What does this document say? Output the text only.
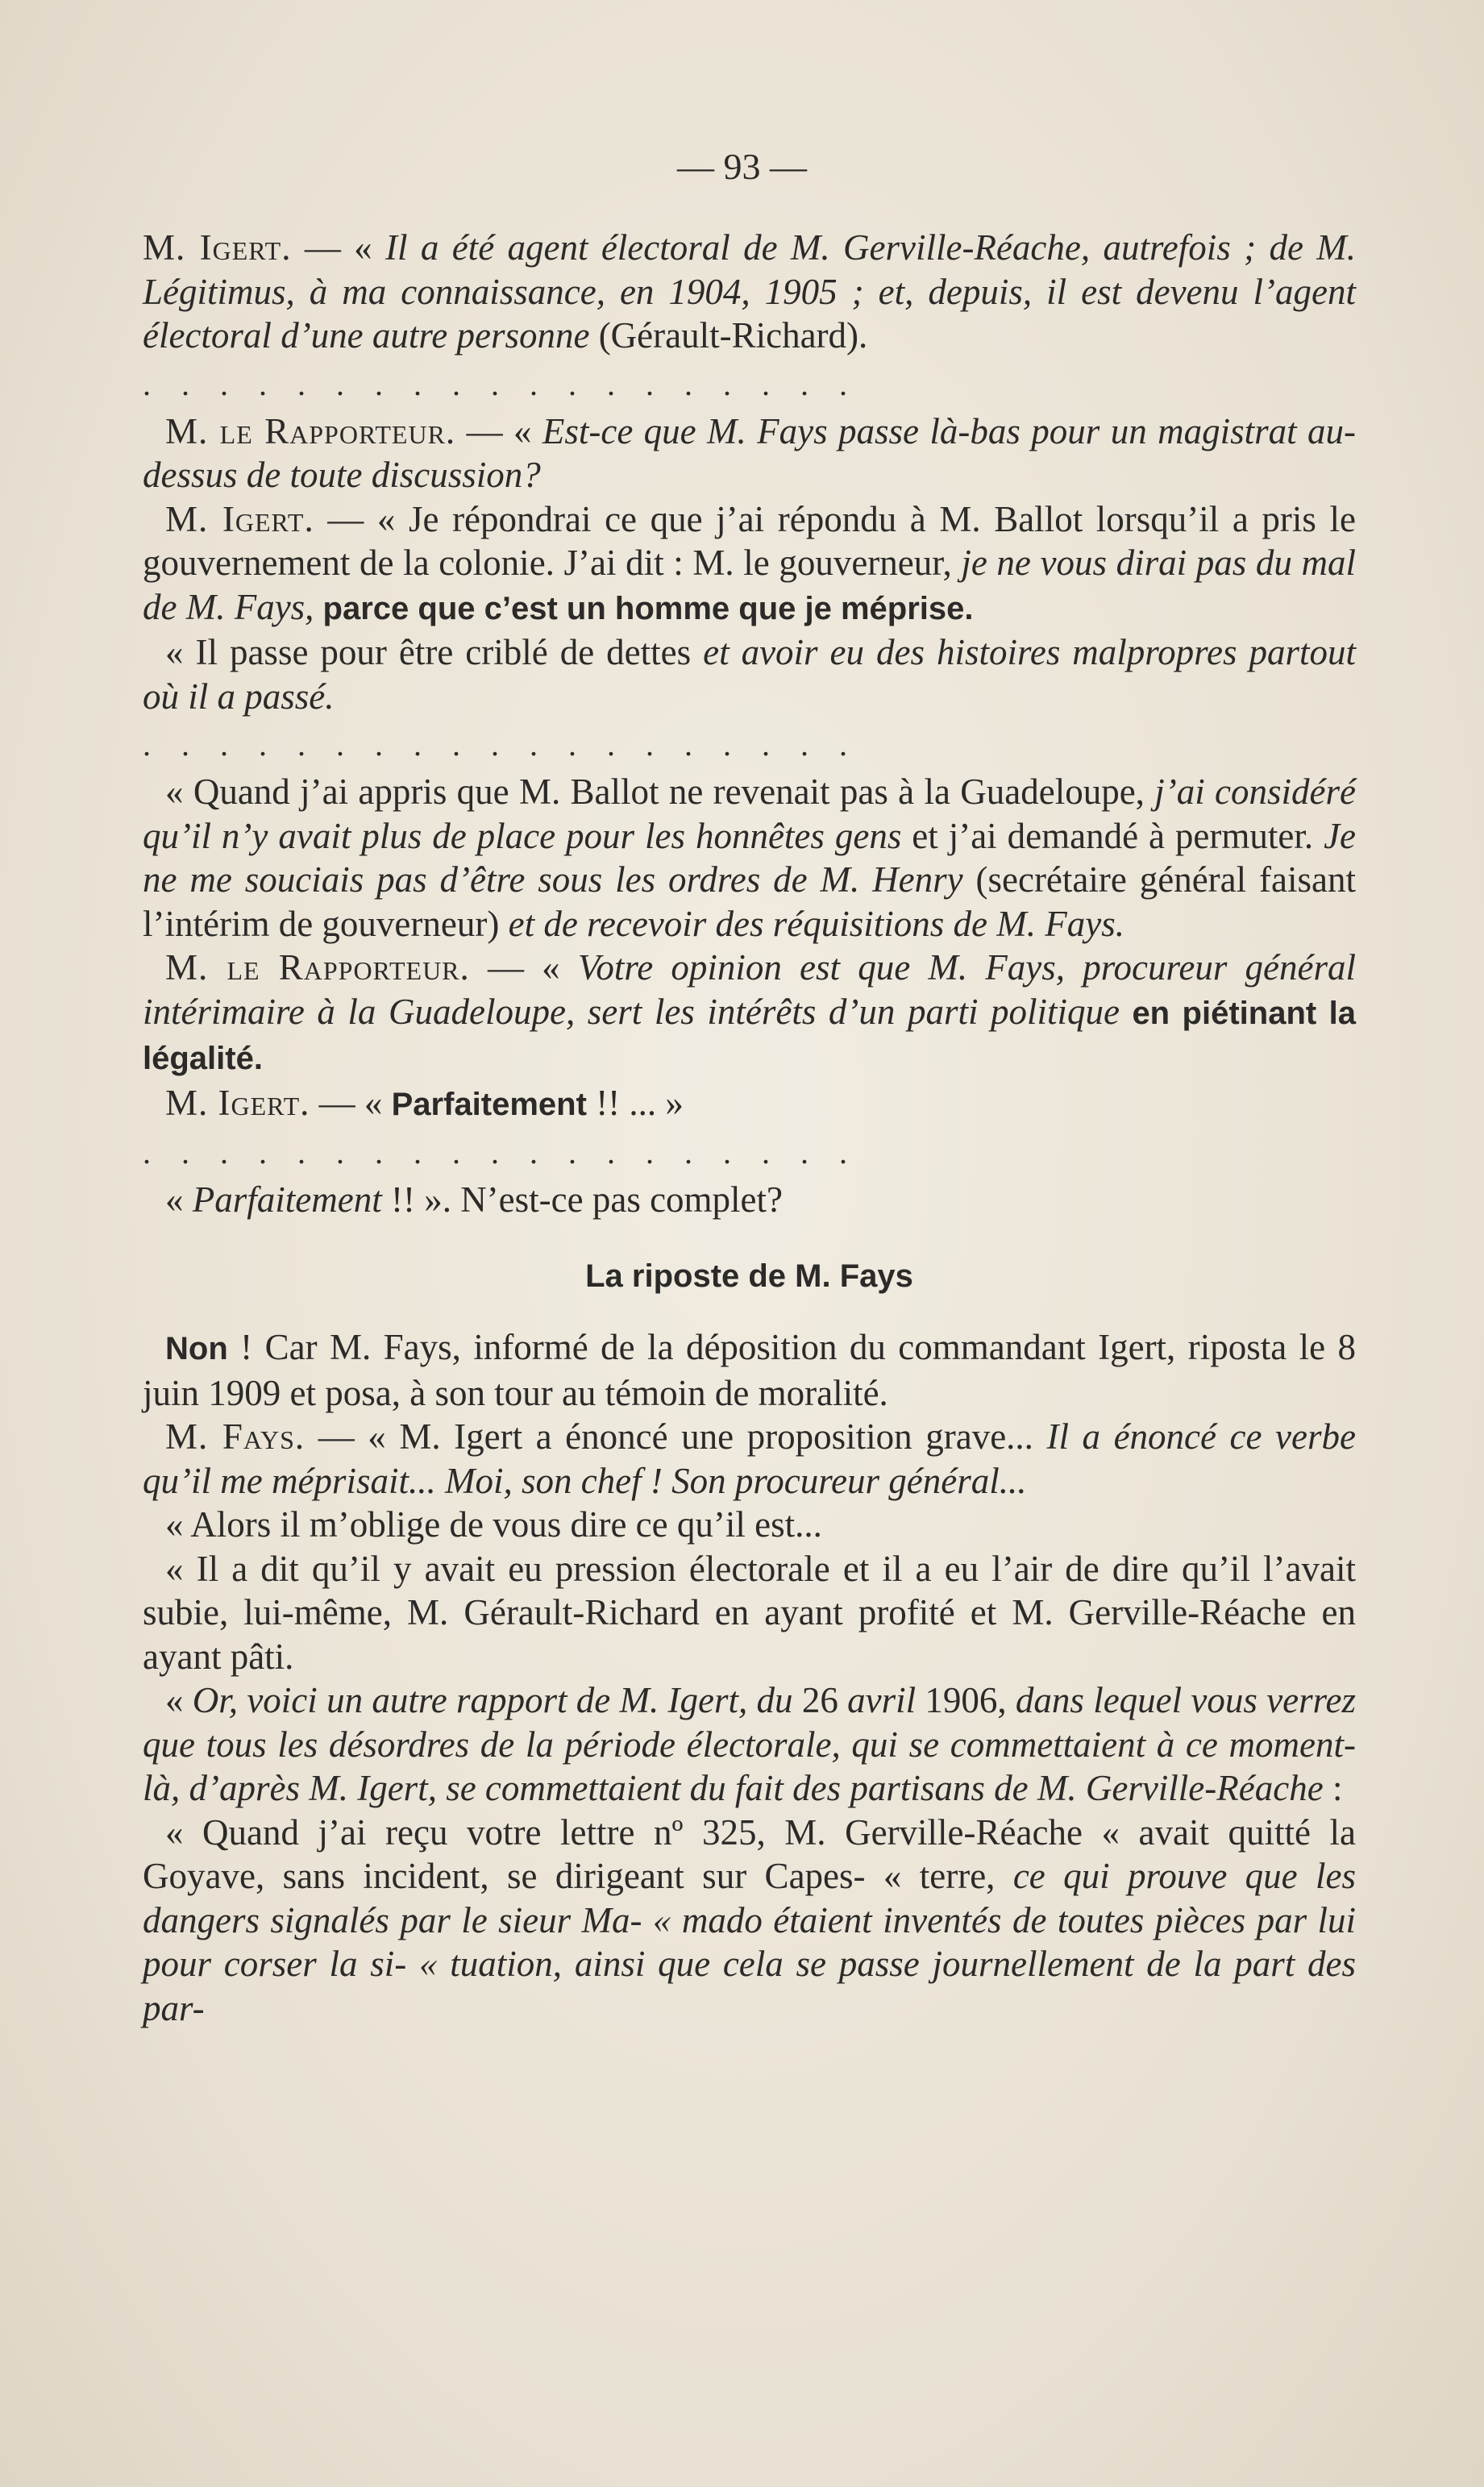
— 93 —

M. Igert. — « Il a été agent électoral de M. Gerville-Réache, autrefois ; de M. Légitimus, à ma connaissance, en 1904, 1905 ; et, depuis, il est devenu l’agent électoral d’une autre personne (Gérault-Richard).

...................

M. le Rapporteur. — « Est-ce que M. Fays passe là-bas pour un magistrat au-dessus de toute discussion?

M. Igert. — « Je répondrai ce que j’ai répondu à M. Ballot lorsqu’il a pris le gouvernement de la colonie. J’ai dit : M. le gouverneur, je ne vous dirai pas du mal de M. Fays, parce que c’est un homme que je méprise.

« Il passe pour être criblé de dettes et avoir eu des histoires malpropres partout où il a passé.

...................

« Quand j’ai appris que M. Ballot ne revenait pas à la Guadeloupe, j’ai considéré qu’il n’y avait plus de place pour les honnêtes gens et j’ai demandé à permuter. Je ne me souciais pas d’être sous les ordres de M. Henry (secrétaire général faisant l’intérim de gouverneur) et de recevoir des réquisitions de M. Fays.

M. le Rapporteur. — « Votre opinion est que M. Fays, procureur général intérimaire à la Guadeloupe, sert les intérêts d’un parti politique en piétinant la légalité.

M. Igert. — « Parfaitement !! ... »

...................

« Parfaitement !! ». N’est-ce pas complet?

La riposte de M. Fays

Non ! Car M. Fays, informé de la déposition du commandant Igert, riposta le 8 juin 1909 et posa, à son tour au témoin de moralité.

M. Fays. — « M. Igert a énoncé une proposition grave... Il a énoncé ce verbe qu’il me méprisait... Moi, son chef ! Son procureur général...

« Alors il m’oblige de vous dire ce qu’il est...

« Il a dit qu’il y avait eu pression électorale et il a eu l’air de dire qu’il l’avait subie, lui-même, M. Gérault-Richard en ayant profité et M. Gerville-Réache en ayant pâti.

« Or, voici un autre rapport de M. Igert, du 26 avril 1906, dans lequel vous verrez que tous les désordres de la période électorale, qui se commettaient à ce moment-là, d’après M. Igert, se commettaient du fait des partisans de M. Gerville-Réache :

« Quand j’ai reçu votre lettre nº 325, M. Gerville-Réache « avait quitté la Goyave, sans incident, se dirigeant sur Capes- « terre, ce qui prouve que les dangers signalés par le sieur Ma- « mado étaient inventés de toutes pièces par lui pour corser la si- « tuation, ainsi que cela se passe journellement de la part des par-
